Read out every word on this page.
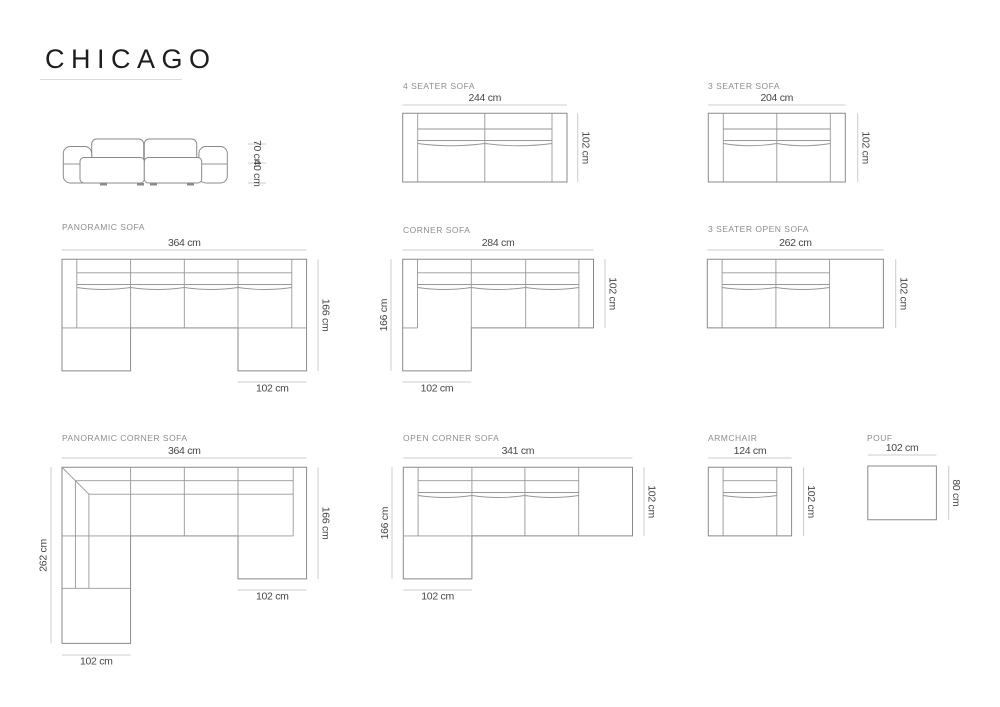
CHICAGO
4 SEATER SOFA	3 SEATER SOFA
PANORAMIC SOFA	CORNER SOFA	3 SEATER OPEN SOFA
PANORAMIC CORNER SOFA	OPEN CORNER SOFA	ARMCHAIR	POUF
70 cm
40 cm
244 cm
102 cm
204 cm
102 cm
364 cm
166 cm
102 cm
284 cm
102 cm
166 cm
102 cm
262 cm
102 cm
364 cm
166 cm
262 cm
102 cm
102 cm
341 cm
102 cm
166 cm
102 cm
124 cm
102 cm
102 cm
80 cm
